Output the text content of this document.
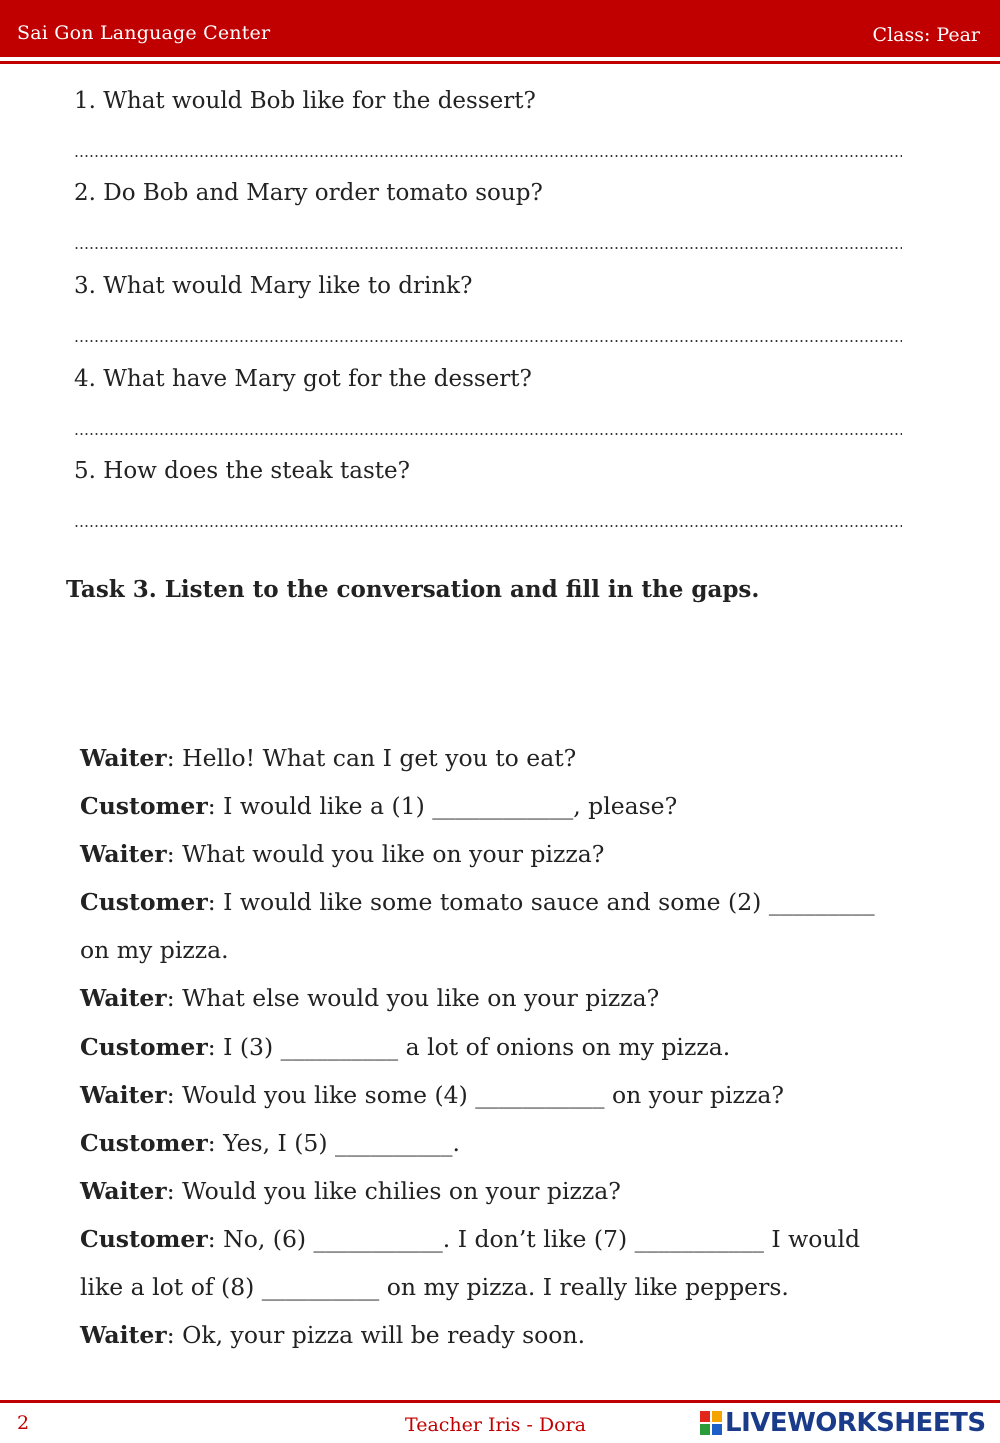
Sai Gon Language Center	Class: Pear
1. What would Bob like for the dessert?
2. Do Bob and Mary order tomato soup?
3. What would Mary like to drink?
4. What have Mary got for the dessert?
5. How does the steak taste?
Task 3. Listen to the conversation and fill in the gaps.
Waiter: Hello! What can I get you to eat?
Customer: I would like a (1) ____________, please?
Waiter: What would you like on your pizza?
Customer: I would like some tomato sauce and some (2) _________
on my pizza.
Waiter: What else would you like on your pizza?
Customer: I (3) __________ a lot of onions on my pizza.
Waiter: Would you like some (4) ___________ on your pizza?
Customer: Yes, I (5) __________.
Waiter: Would you like chilies on your pizza?
Customer: No, (6) ___________. I don’t like (7) ___________ I would
like a lot of (8) __________ on my pizza. I really like peppers.
Waiter: Ok, your pizza will be ready soon.
2	Teacher Iris - Dora	LIVEWORKSHEETS
